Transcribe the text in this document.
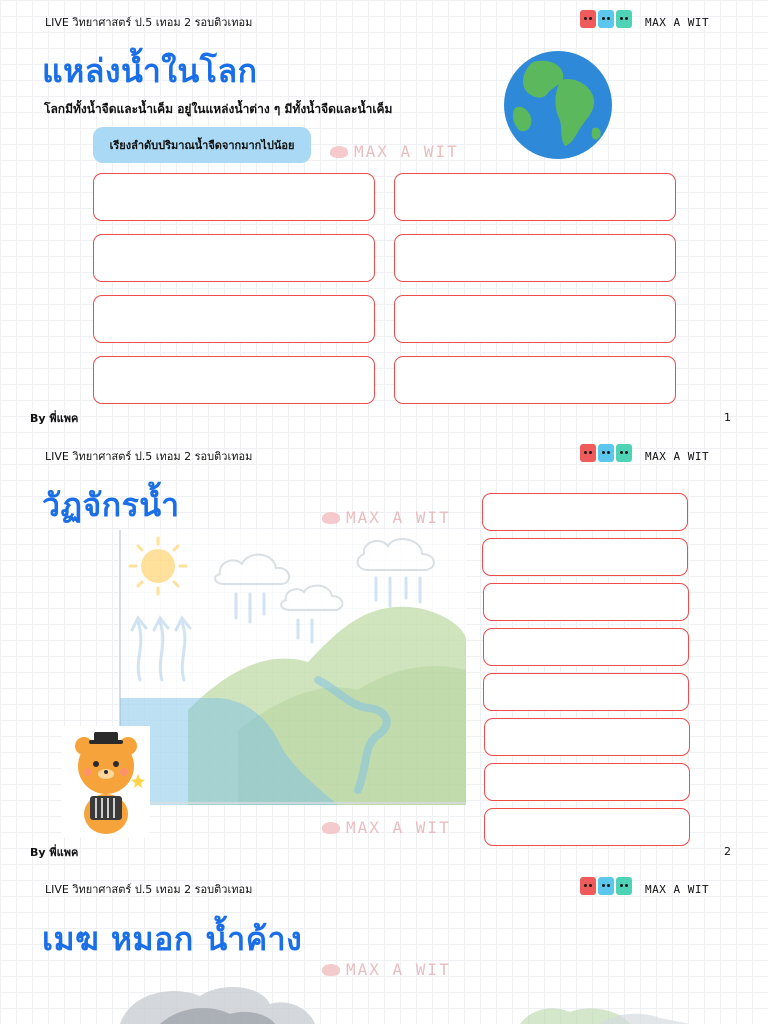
LIVE วิทยาศาสตร์ ป.5 เทอม 2 รอบติวเทอม	MAX A WIT
แหล่งน้ำในโลก
โลกมีทั้งน้ำจืดและน้ำเค็ม อยู่ในแหล่งน้ำต่าง ๆ มีทั้งน้ำจืดและน้ำเค็ม
เรียงลำดับปริมาณน้ำจืดจากมากไปน้อย	MAX A WIT
By พี่แพค	1
LIVE วิทยาศาสตร์ ป.5 เทอม 2 รอบติวเทอม	MAX A WIT
วัฏจักรน้ำ	MAX A WIT
MAX A WIT
By พี่แพค	2
LIVE วิทยาศาสตร์ ป.5 เทอม 2 รอบติวเทอม	MAX A WIT
เมฆ หมอก น้ำค้าง
MAX A WIT
